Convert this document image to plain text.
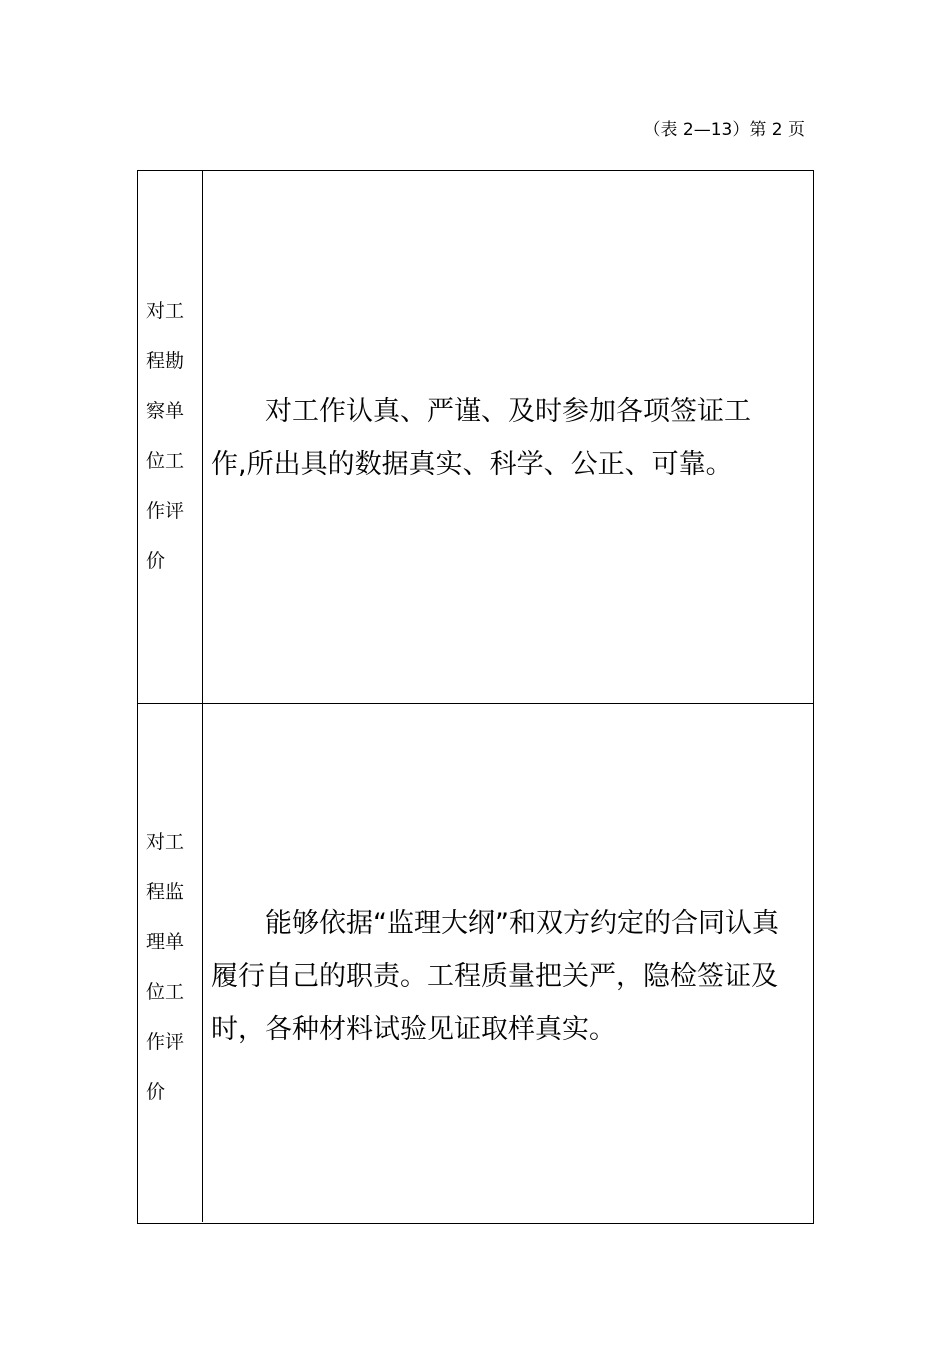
（表 2—13）第 2 页
对工
程勘
察单
位工
作评
价

对工作认真、严谨、及时参加各项签证工作,所出具的数据真实、科学、公正、可靠。

对工
程监
理单
位工
作评
价

能够依据“监理大纲”和双方约定的合同认真履行自己的职责。工程质量把关严，隐检签证及时，各种材料试验见证取样真实。
